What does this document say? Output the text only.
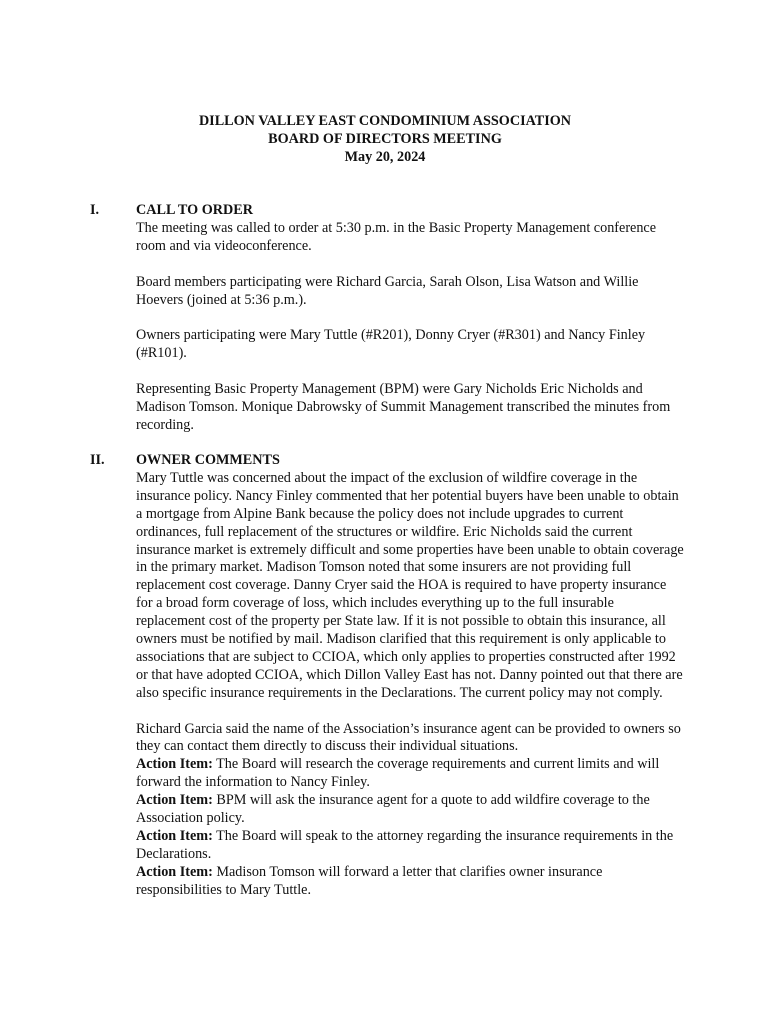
DILLON VALLEY EAST CONDOMINIUM ASSOCIATION
BOARD OF DIRECTORS MEETING
May 20, 2024
I.	CALL TO ORDER

The meeting was called to order at 5:30 p.m. in the Basic Property Management conference room and via videoconference.

Board members participating were Richard Garcia, Sarah Olson, Lisa Watson and Willie Hoevers (joined at 5:36 p.m.).

Owners participating were Mary Tuttle (#R201), Donny Cryer (#R301) and Nancy Finley (#R101).

Representing Basic Property Management (BPM) were Gary Nicholds Eric Nicholds and Madison Tomson. Monique Dabrowsky of Summit Management transcribed the minutes from recording.

II. OWNER COMMENTS

Mary Tuttle was concerned about the impact of the exclusion of wildfire coverage in the insurance policy. Nancy Finley commented that her potential buyers have been unable to obtain a mortgage from Alpine Bank because the policy does not include upgrades to current ordinances, full replacement of the structures or wildfire. Eric Nicholds said the current insurance market is extremely difficult and some properties have been unable to obtain coverage in the primary market. Madison Tomson noted that some insurers are not providing full replacement cost coverage. Danny Cryer said the HOA is required to have property insurance for a broad form coverage of loss, which includes everything up to the full insurable replacement cost of the property per State law. If it is not possible to obtain this insurance, all owners must be notified by mail. Madison clarified that this requirement is only applicable to associations that are subject to CCIOA, which only applies to properties constructed after 1992 or that have adopted CCIOA, which Dillon Valley East has not. Danny pointed out that there are also specific insurance requirements in the Declarations. The current policy may not comply.

Richard Garcia said the name of the Association’s insurance agent can be provided to owners so they can contact them directly to discuss their individual situations.

Action Item: The Board will research the coverage requirements and current limits and will forward the information to Nancy Finley.

Action Item: BPM will ask the insurance agent for a quote to add wildfire coverage to the Association policy.

Action Item: The Board will speak to the attorney regarding the insurance requirements in the Declarations.

Action Item: Madison Tomson will forward a letter that clarifies owner insurance responsibilities to Mary Tuttle.
